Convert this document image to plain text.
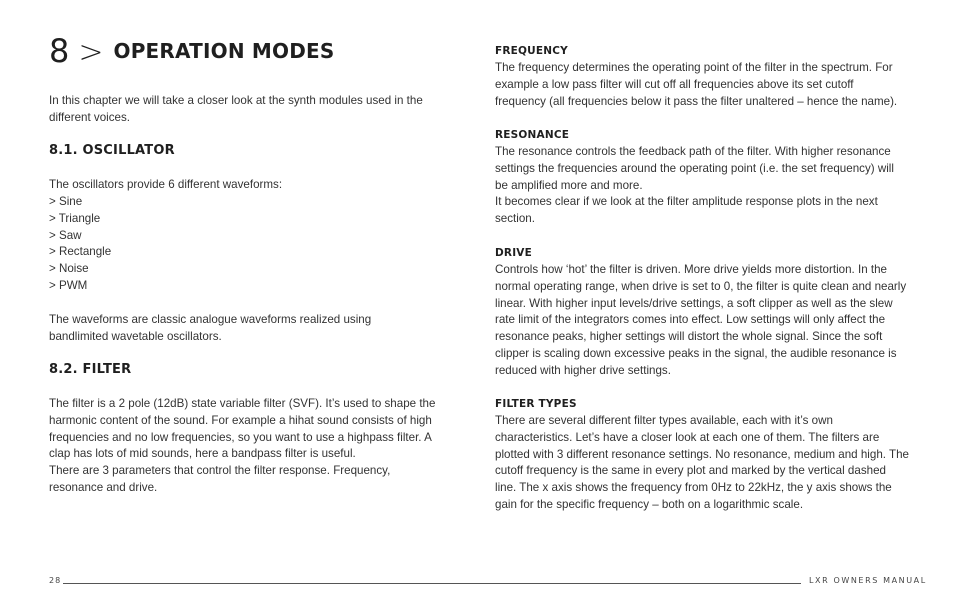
8 > OPERATION MODES

In this chapter we will take a closer look at the synth modules used in the different voices.

8.1. OSCILLATOR

The oscillators provide 6 different waveforms:

> Sine
> Triangle
> Saw
> Rectangle
> Noise
> PWM

The waveforms are classic analogue waveforms realized using bandlimited wavetable oscillators.

8.2. FILTER

The filter is a 2 pole (12dB) state variable filter (SVF). It’s used to shape the harmonic content of the sound. For example a hihat sound consists of high frequencies and no low frequencies, so you want to use a highpass filter. A clap has lots of mid sounds, here a bandpass filter is useful.

There are 3 parameters that control the filter response. Frequency, resonance and drive.

FREQUENCY

The frequency determines the operating point of the filter in the spectrum. For example a low pass filter will cut off all frequencies above its set cutoff frequency (all frequencies below it pass the filter unaltered – hence the name).

RESONANCE

The resonance controls the feedback path of the filter. With higher resonance settings the frequencies around the operating point (i.e. the set frequency) will be amplified more and more.

It becomes clear if we look at the filter amplitude response plots in the next section.

DRIVE

Controls how ‘hot’ the filter is driven. More drive yields more distortion. In the normal operating range, when drive is set to 0, the filter is quite clean and nearly linear. With higher input levels/drive settings, a soft clipper as well as the slew rate limit of the integrators comes into effect. Low settings will only affect the resonance peaks, higher settings will distort the whole signal. Since the soft clipper is scaling down excessive peaks in the signal, the audible resonance is reduced with higher drive settings.

FILTER TYPES

There are several different filter types available, each with it’s own characteristics. Let’s have a closer look at each one of them. The filters are plotted with 3 different resonance settings. No resonance, medium and high. The cutoff frequency is the same in every plot and marked by the vertical dashed line. The x axis shows the frequency from 0Hz to 22kHz, the y axis shows the gain for the specific frequency – both on a logarithmic scale.

28	LXR OWNERS MANUAL
